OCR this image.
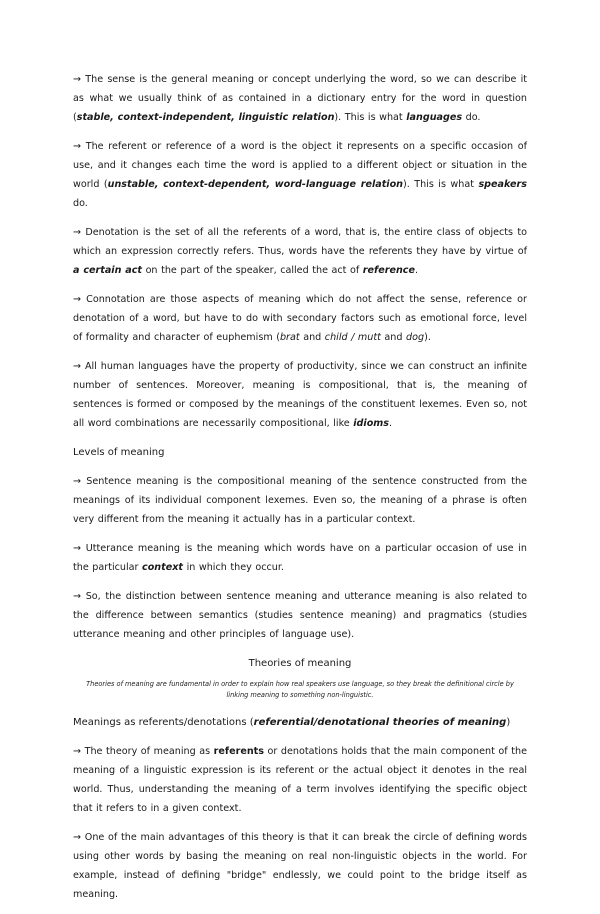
→ The sense is the general meaning or concept underlying the word, so we can describe it as what we usually think of as contained in a dictionary entry for the word in question (stable, context-independent, linguistic relation). This is what languages do.
→ The referent or reference of a word is the object it represents on a specific occasion of use, and it changes each time the word is applied to a different object or situation in the world (unstable, context-dependent, word-language relation). This is what speakers do.
→ Denotation is the set of all the referents of a word, that is, the entire class of objects to which an expression correctly refers. Thus, words have the referents they have by virtue of a certain act on the part of the speaker, called the act of reference.
→ Connotation are those aspects of meaning which do not affect the sense, reference or denotation of a word, but have to do with secondary factors such as emotional force, level of formality and character of euphemism (brat and child / mutt and dog).
→ All human languages have the property of productivity, since we can construct an infinite number of sentences. Moreover, meaning is compositional, that is, the meaning of sentences is formed or composed by the meanings of the constituent lexemes. Even so, not all word combinations are necessarily compositional, like idioms.
Levels of meaning
→ Sentence meaning is the compositional meaning of the sentence constructed from the meanings of its individual component lexemes. Even so, the meaning of a phrase is often very different from the meaning it actually has in a particular context.
→ Utterance meaning is the meaning which words have on a particular occasion of use in the particular context in which they occur.
→ So, the distinction between sentence meaning and utterance meaning is also related to the difference between semantics (studies sentence meaning) and pragmatics (studies utterance meaning and other principles of language use).
Theories of meaning
Theories of meaning are fundamental in order to explain how real speakers use language, so they break the definitional circle by linking meaning to something non-linguistic.
Meanings as referents/denotations (referential/denotational theories of meaning)
→ The theory of meaning as referents or denotations holds that the main component of the meaning of a linguistic expression is its referent or the actual object it denotes in the real world. Thus, understanding the meaning of a term involves identifying the specific object that it refers to in a given context.
→ One of the main advantages of this theory is that it can break the circle of defining words using other words by basing the meaning on real non-linguistic objects in the world. For example, instead of defining "bridge" endlessly, we could point to the bridge itself as meaning.
